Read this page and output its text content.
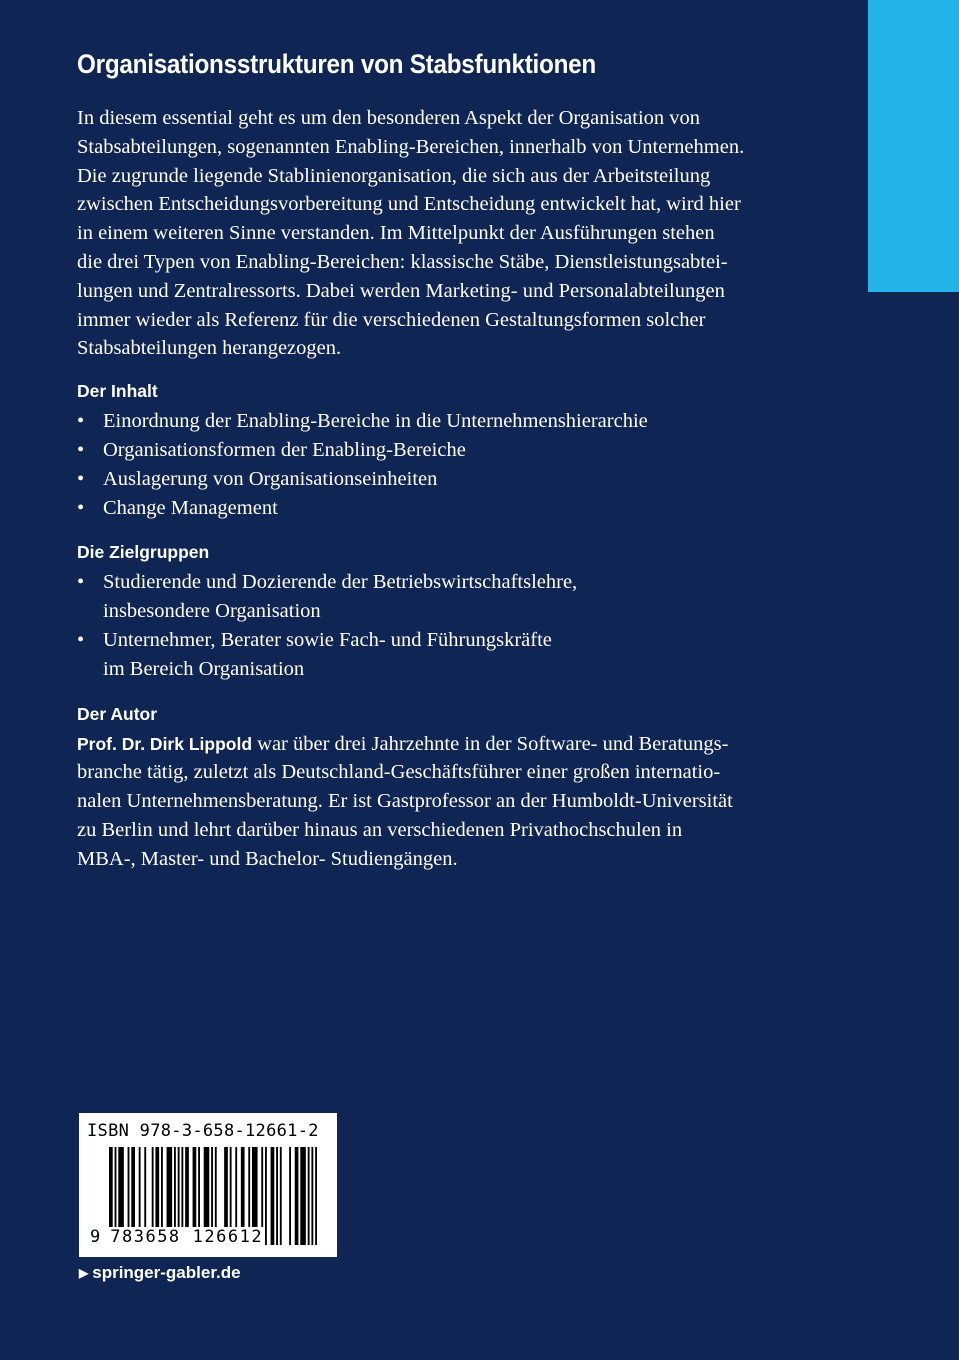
Organisationsstrukturen von Stabsfunktionen

In diesem essential geht es um den besonderen Aspekt der Organisation von

Stabsabteilungen, sogenannten Enabling-Bereichen, innerhalb von Unternehmen.

Die zugrunde liegende Stablinienorganisation, die sich aus der Arbeitsteilung

zwischen Entscheidungsvorbereitung und Entscheidung entwickelt hat, wird hier

in einem weiteren Sinne verstanden. Im Mittelpunkt der Ausführungen stehen

die drei Typen von Enabling-Bereichen: klassische Stäbe, Dienstleistungsabtei-

lungen und Zentralressorts. Dabei werden Marketing- und Personalabteilungen

immer wieder als Referenz für die verschiedenen Gestaltungsformen solcher

Stabsabteilungen herangezogen.

Der Inhalt
• Einordnung der Enabling-Bereiche in die Unternehmenshierarchie
• Organisationsformen der Enabling-Bereiche
• Auslagerung von Organisationseinheiten
• Change Management
Die Zielgruppen
• Studierende und Dozierende der Betriebswirtschaftslehre,
insbesondere Organisation
• Unternehmer, Berater sowie Fach- und Führungskräfte
im Bereich Organisation
Der Autor
Prof. Dr. Dirk Lippold war über drei Jahrzehnte in der Software- und Beratungs-
branche tätig, zuletzt als Deutschland-Geschäftsführer einer großen internatio-
nalen Unternehmensberatung. Er ist Gastprofessor an der Humboldt-Universität
zu Berlin und lehrt darüber hinaus an verschiedenen Privathochschulen in
MBA-, Master- und Bachelor- Studiengängen.
ISBN 978-3-658-12661-2
9 783658 126612
▶ springer-gabler.de
